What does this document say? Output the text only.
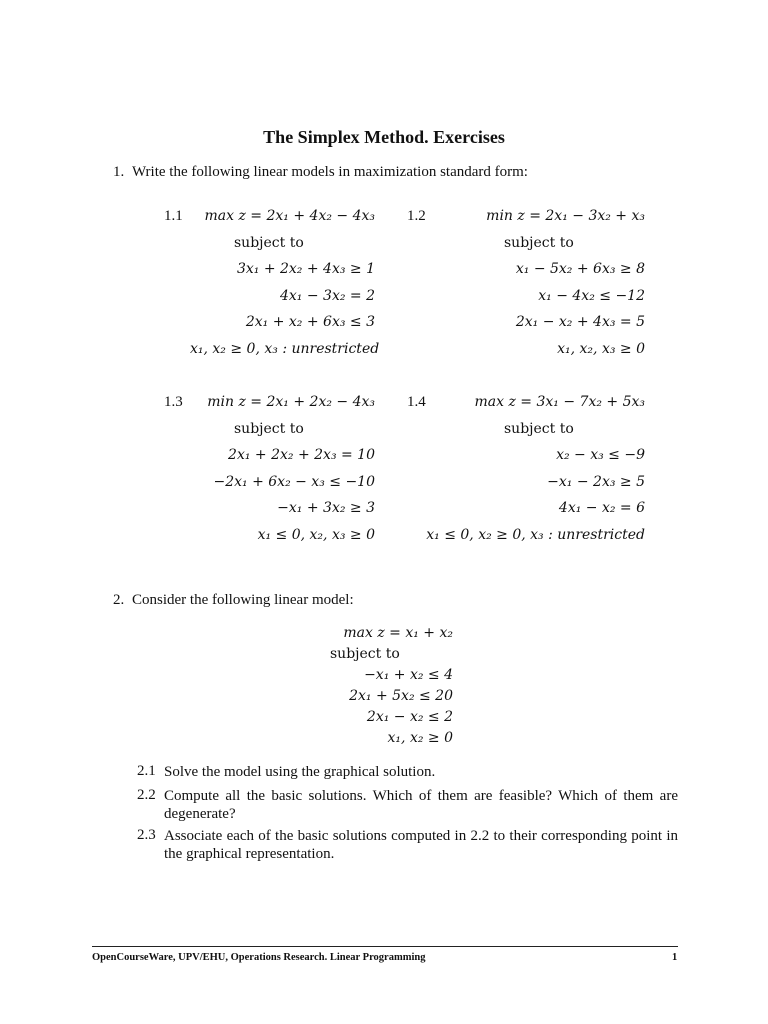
The Simplex Method. Exercises
1. Write the following linear models in maximization standard form:
1.1	max z = 2x₁ + 4x₂ − 4x₃
subject to
3x₁ + 2x₂ + 4x₃ ≥ 1
4x₁ − 3x₂ = 2
2x₁ + x₂ + 6x₃ ≤ 3
x₁, x₂ ≥ 0, x₃ : unrestricted
1.2	min z = 2x₁ − 3x₂ + x₃
subject to
x₁ − 5x₂ + 6x₃ ≥ 8
x₁ − 4x₂ ≤ −12
2x₁ − x₂ + 4x₃ = 5
x₁, x₂, x₃ ≥ 0
1.3	min z = 2x₁ + 2x₂ − 4x₃
subject to
2x₁ + 2x₂ + 2x₃ = 10
−2x₁ + 6x₂ − x₃ ≤ −10
−x₁ + 3x₂ ≥ 3
x₁ ≤ 0, x₂, x₃ ≥ 0
1.4	max z = 3x₁ − 7x₂ + 5x₃
subject to
x₂ − x₃ ≤ −9
−x₁ − 2x₃ ≥ 5
4x₁ − x₂ = 6
x₁ ≤ 0, x₂ ≥ 0, x₃ : unrestricted
2. Consider the following linear model:
max z = x₁ + x₂
subject to
−x₁ + x₂ ≤ 4
2x₁ + 5x₂ ≤ 20
2x₁ − x₂ ≤ 2
x₁, x₂ ≥ 0
2.1 Solve the model using the graphical solution.
2.2 Compute all the basic solutions. Which of them are feasible? Which of them are degenerate?
2.3 Associate each of the basic solutions computed in 2.2 to their corresponding point in the graphical representation.
OpenCourseWare, UPV/EHU, Operations Research. Linear Programming	1
